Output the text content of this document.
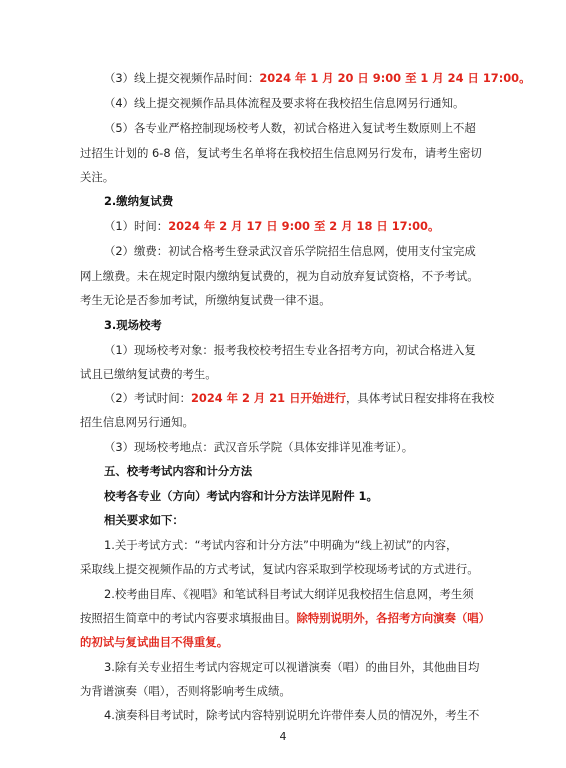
（3）线上提交视频作品时间：2024 年 1 月 20 日 9:00 至 1 月 24 日 17:00。
（4）线上提交视频作品具体流程及要求将在我校招生信息网另行通知。
（5）各专业严格控制现场校考人数，初试合格进入复试考生数原则上不超
过招生计划的 6-8 倍，复试考生名单将在我校招生信息网另行发布，请考生密切
关注。
2.缴纳复试费
（1）时间：2024 年 2 月 17 日 9:00 至 2 月 18 日 17:00。
（2）缴费：初试合格考生登录武汉音乐学院招生信息网，使用支付宝完成
网上缴费。未在规定时限内缴纳复试费的，视为自动放弃复试资格，不予考试。
考生无论是否参加考试，所缴纳复试费一律不退。
3.现场校考
（1）现场校考对象：报考我校校考招生专业各招考方向，初试合格进入复
试且已缴纳复试费的考生。
（2）考试时间：2024 年 2 月 21 日开始进行，具体考试日程安排将在我校
招生信息网另行通知。
（3）现场校考地点：武汉音乐学院（具体安排详见准考证）。
五、校考考试内容和计分方法
校考各专业（方向）考试内容和计分方法详见附件 1。
相关要求如下：
1.关于考试方式：“考试内容和计分方法”中明确为“线上初试”的内容，
采取线上提交视频作品的方式考试，复试内容采取到学校现场考试的方式进行。
2.校考曲目库、《视唱》和笔试科目考试大纲详见我校招生信息网，考生须
按照招生简章中的考试内容要求填报曲目。除特别说明外，各招考方向演奏（唱）
的初试与复试曲目不得重复。
3.除有关专业招生考试内容规定可以视谱演奏（唱）的曲目外，其他曲目均
为背谱演奏（唱），否则将影响考生成绩。
4.演奏科目考试时，除考试内容特别说明允许带伴奏人员的情况外，考生不
4
